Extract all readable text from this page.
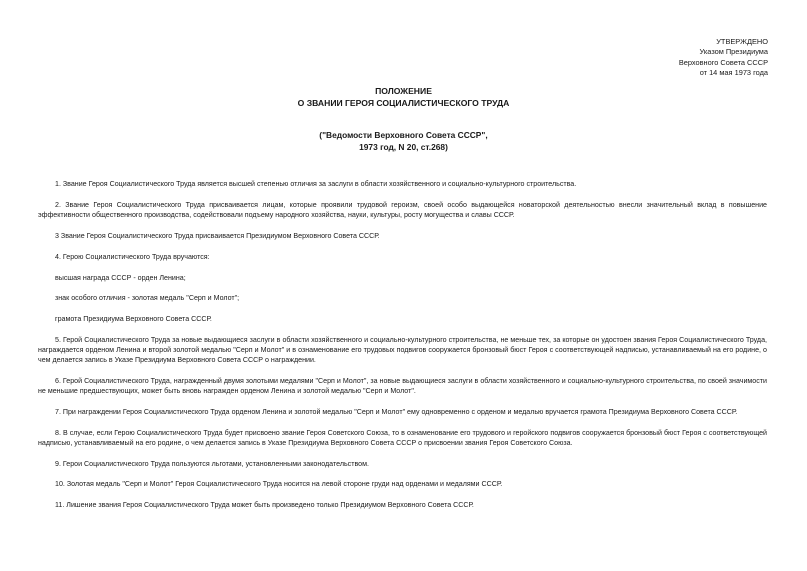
УТВЕРЖДЕНО
Указом Президиума
Верховного Совета СССР
от 14 мая 1973 года
ПОЛОЖЕНИЕ
О ЗВАНИИ ГЕРОЯ СОЦИАЛИСТИЧЕСКОГО ТРУДА
("Ведомости Верховного Совета СССР",
1973 год, N 20, ст.268)

1. Звание Героя Социалистического Труда является высшей степенью отличия за заслуги в области хозяйственного и социально-культурного строительства.

2. Звание Героя Социалистического Труда присваивается лицам, которые проявили трудовой героизм, своей особо выдающейся новаторской деятельностью внесли значительный вклад в повышение эффективности общественного производства, содействовали подъему народного хозяйства, науки, культуры, росту могущества и славы СССР.

3 Звание Героя Социалистического Труда присваивается Президиумом Верховного Совета СССР.

4. Герою Социалистического Труда вручаются:

высшая награда СССР - орден Ленина;

знак особого отличия - золотая медаль "Серп и Молот";

грамота Президиума Верховного Совета СССР.

5. Герой Социалистического Труда за новые выдающиеся заслуги в области хозяйственного и социально-культурного строительства, не меньше тех, за которые он удостоен звания Героя Социалистического Труда, награждается орденом Ленина и второй золотой медалью "Серп и Молот" и в ознаменование его трудовых подвигов сооружается бронзовый бюст Героя с соответствующей надписью, устанавливаемый на его родине, о чем делается запись в Указе Президиума Верховного Совета СССР о награждении.

6. Герой Социалистического Труда, награжденный двумя золотыми медалями "Серп и Молот", за новые выдающиеся заслуги в области хозяйственного и социально-культурного строительства, по своей значимости не меньшие предшествующих, может быть вновь награжден орденом Ленина и золотой медалью "Серп и Молот".

7. При награждении Героя Социалистического Труда орденом Ленина и золотой медалью "Серп и Молот" ему одновременно с орденом и медалью вручается грамота Президиума Верховного Совета СССР.

8. В случае, если Герою Социалистического Труда будет присвоено звание Героя Советского Союза, то в ознаменование его трудового и геройского подвигов сооружается бронзовый бюст Героя с соответствующей надписью, устанавливаемый на его родине, о чем делается запись в Указе Президиума Верховного Совета СССР о присвоении звания Героя Советского Союза.

9. Герои Социалистического Труда пользуются льготами, установленными законодательством.

10. Золотая медаль "Серп и Молот" Героя Социалистического Труда носится на левой стороне груди над орденами и медалями СССР.

11. Лишение звания Героя Социалистического Труда может быть произведено только Президиумом Верховного Совета СССР.
